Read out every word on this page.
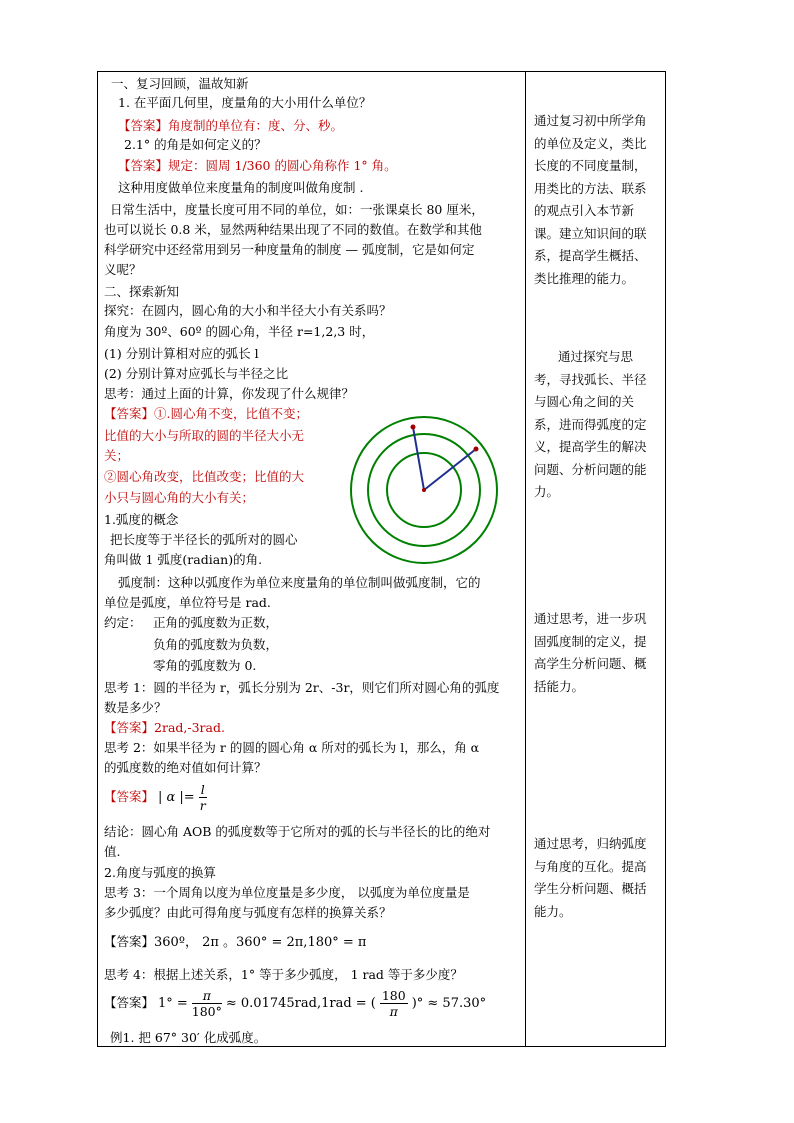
一、复习回顾，温故知新
1. 在平面几何里，度量角的大小用什么单位？
【答案】角度制的单位有：度、分、秒。
2.1° 的角是如何定义的？
【答案】规定：圆周 1/360 的圆心角称作 1° 角。
这种用度做单位来度量角的制度叫做角度制 .
日常生活中，度量长度可用不同的单位，如：一张课桌长 80 厘米，
也可以说长 0.8 米，显然两种结果出现了不同的数值。在数学和其他
科学研究中还经常用到另一种度量角的制度 — 弧度制，它是如何定
义呢？
二、探索新知
探究：在圆内，圆心角的大小和半径大小有关系吗？
角度为 30º、60º 的圆心角，半径 r=1,2,3 时，
(1) 分别计算相对应的弧长 l
(2) 分别计算对应弧长与半径之比
思考：通过上面的计算，你发现了什么规律？
【答案】①.圆心角不变，比值不变；
比值的大小与所取的圆的半径大小无
关；
②圆心角改变，比值改变；比值的大
小只与圆心角的大小有关；
1.弧度的概念
把长度等于半径长的弧所对的圆心
角叫做 1 弧度(radian)的角.
弧度制：这种以弧度作为单位来度量角的单位制叫做弧度制，它的
单位是弧度，单位符号是 rad.
约定： 正角的弧度数为正数，
负角的弧度数为负数，
零角的弧度数为 0.
思考 1：圆的半径为 r，弧长分别为 2r、-3r，则它们所对圆心角的弧度
数是多少？
【答案】2rad,-3rad.
思考 2：如果半径为 r 的圆的圆心角 α 所对的弧长为 l，那么，角 α
的弧度数的绝对值如何计算？
【答案】 | α |= $\frac{l}{r}$
结论：圆心角 AOB 的弧度数等于它所对的弧的长与半径长的比的绝对
值.
2.角度与弧度的换算
思考 3：一个周角以度为单位度量是多少度， 以弧度为单位度量是
多少弧度？由此可得角度与弧度有怎样的换算关系？
【答案】360º， 2π 。360° = 2π,180° = π
思考 4：根据上述关系，1° 等于多少弧度， 1 rad 等于多少度？
【答案】 $1^\circ = \frac{\pi}{180^\circ} \approx 0.01745rad,1rad$ = ( $\frac{180}{\pi}$ )° ≈ 57.30°
例1. 把 67° 30′ 化成弧度。
通过复习初中所学角的单位及定义，类比长度的不同度量制，用类比的方法、联系的观点引入本节新课。建立知识间的联系，提高学生概括、类比推理的能力。
通过探究与思考，寻找弧长、半径与圆心角之间的关系，进而得弧度的定义，提高学生的解决问题、分析问题的能力。
通过思考，进一步巩固弧度制的定义，提高学生分析问题、概括能力。
通过思考，归纳弧度与角度的互化。提高学生分析问题、概括能力。
